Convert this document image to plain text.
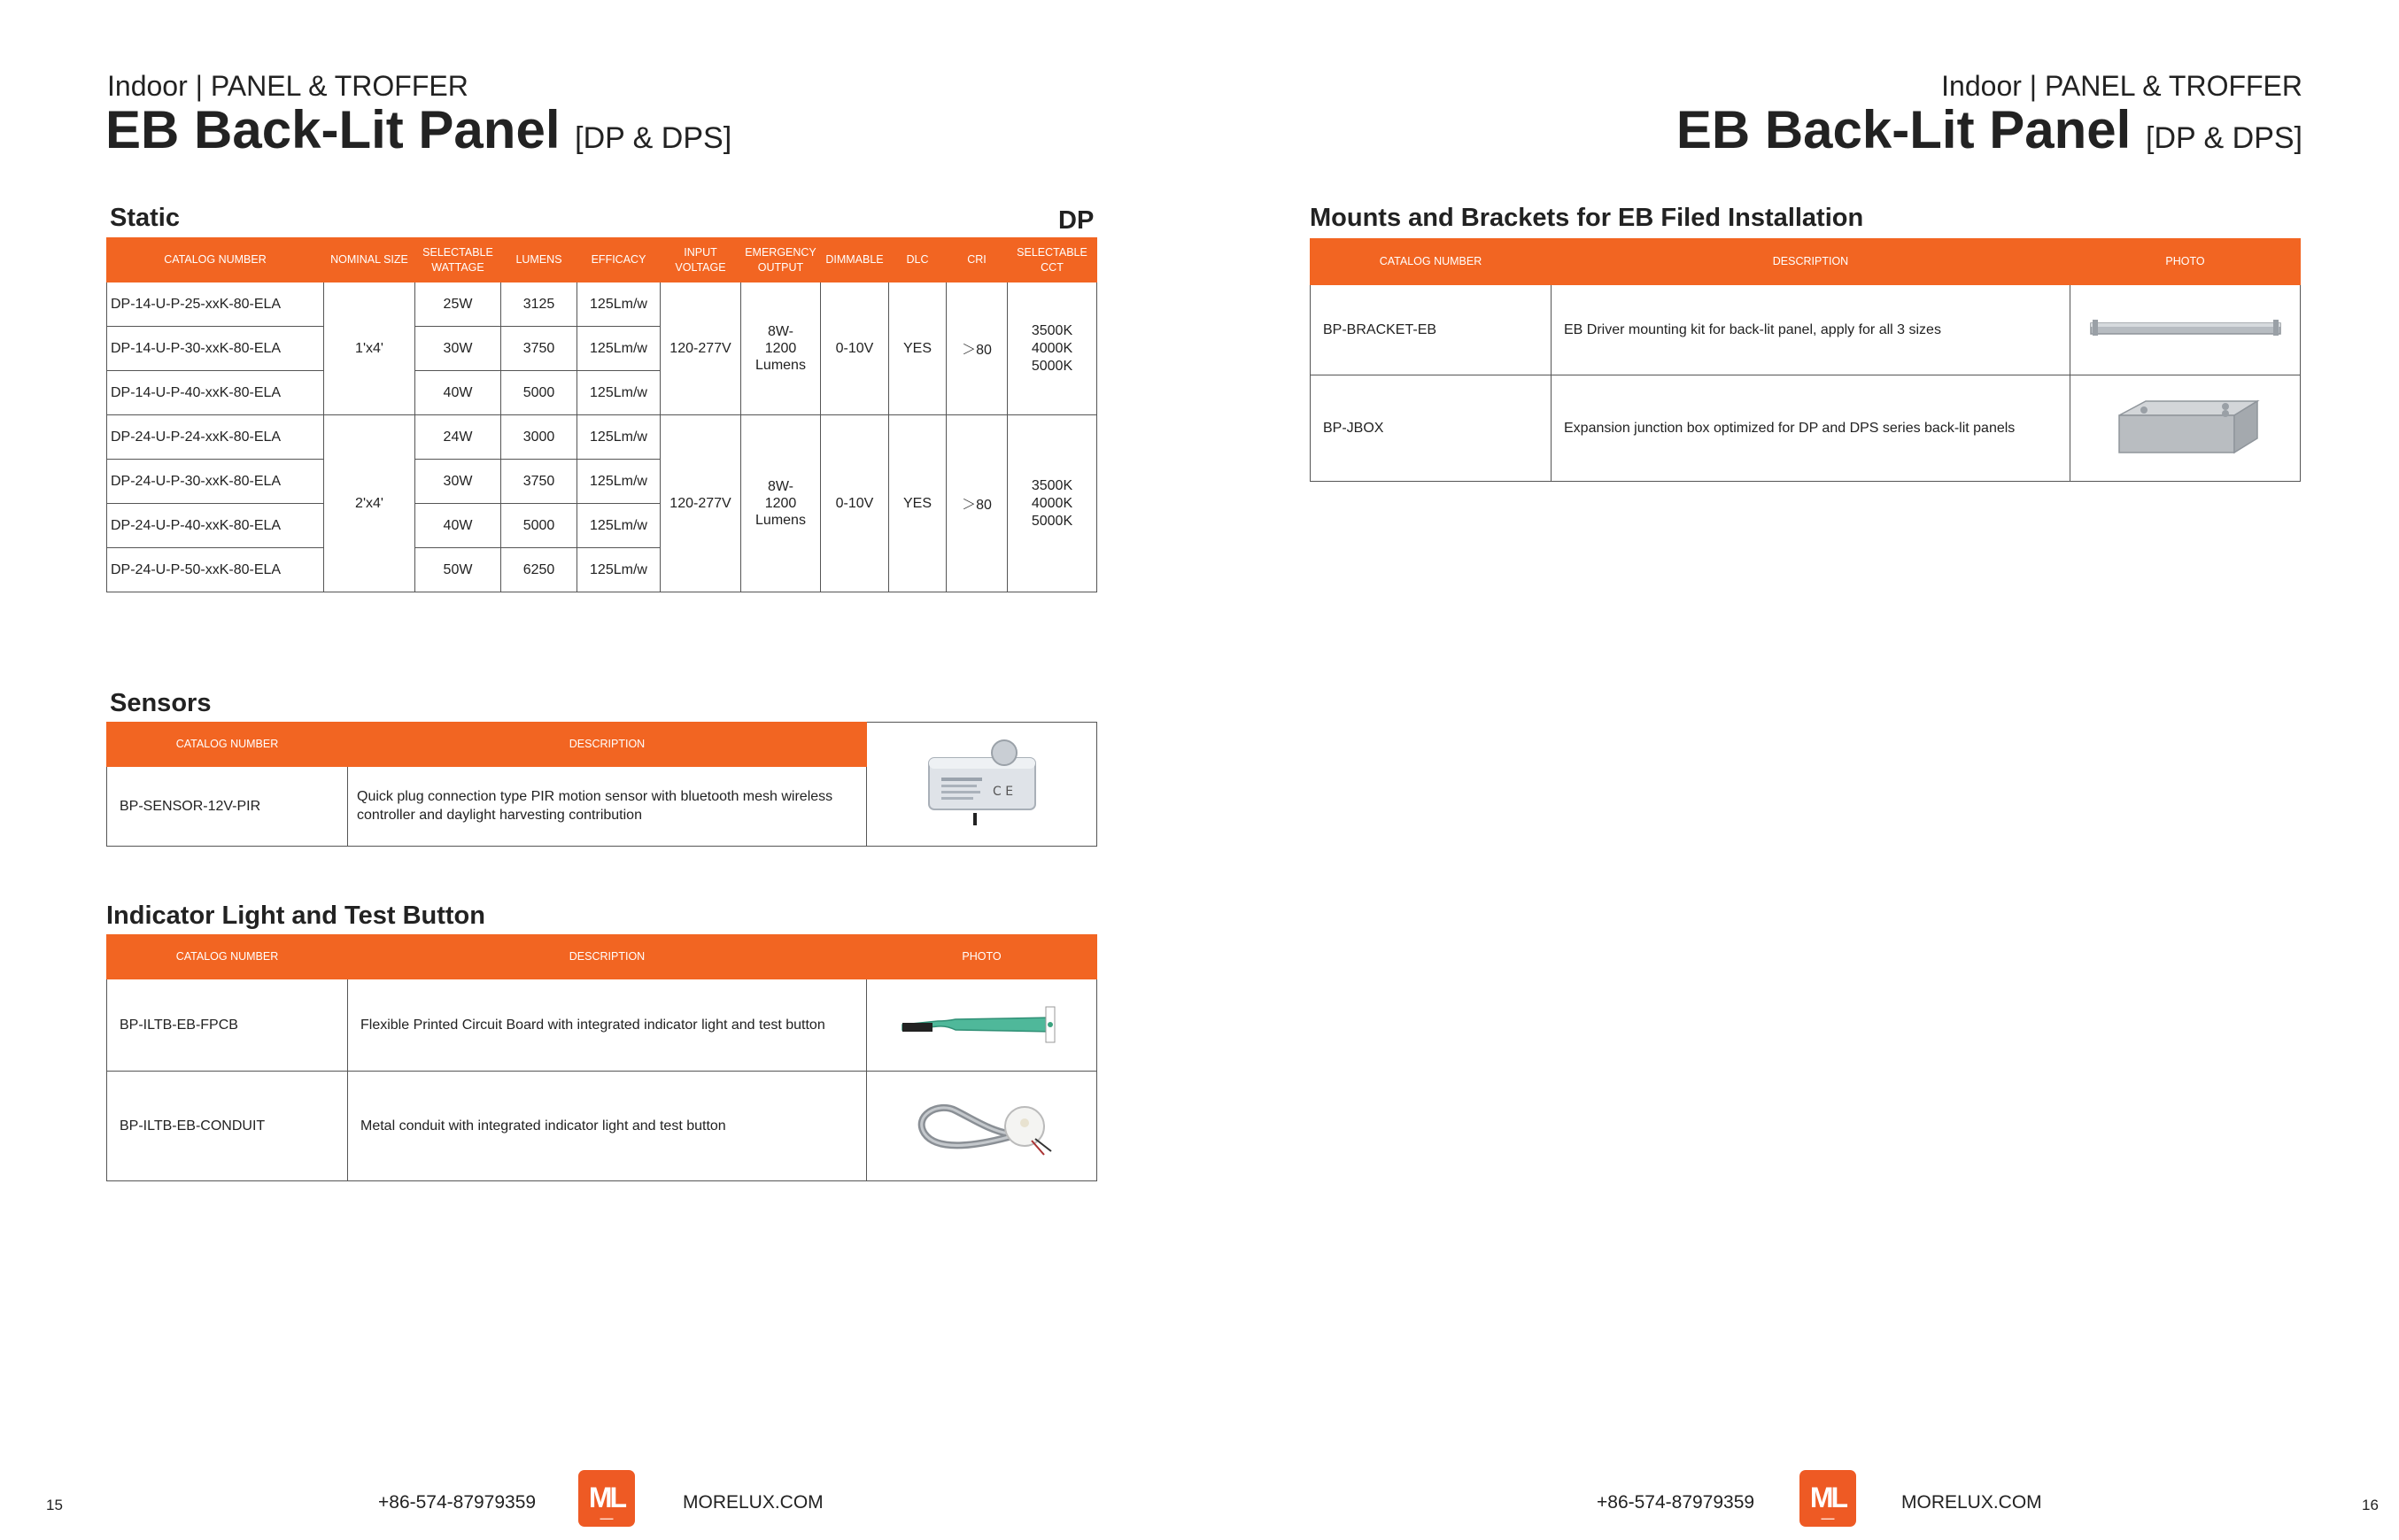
Indoor | PANEL & TROFFER
EB Back-Lit Panel [DP & DPS]
Static	DP
CATALOG NUMBER	NOMINAL SIZE	SELECTABLE WATTAGE	LUMENS	EFFICACY	INPUT VOLTAGE	EMERGENCY OUTPUT	DIMMABLE	DLC	CRI	SELECTABLE CCT
DP-14-U-P-25-xxK-80-ELA	1'x4'	25W	3125	125Lm/w	120-277V	8W-1200 Lumens	0-10V	YES	＞80	3500K 4000K 5000K
DP-14-U-P-30-xxK-80-ELA		30W	3750	125Lm/w						
DP-14-U-P-40-xxK-80-ELA		40W	5000	125Lm/w						
DP-24-U-P-24-xxK-80-ELA	2'x4'	24W	3000	125Lm/w	120-277V	8W-1200 Lumens	0-10V	YES	＞80	3500K 4000K 5000K
DP-24-U-P-30-xxK-80-ELA		30W	3750	125Lm/w						
DP-24-U-P-40-xxK-80-ELA		40W	5000	125Lm/w						
DP-24-U-P-50-xxK-80-ELA		50W	6250	125Lm/w						
Sensors
CATALOG NUMBER	DESCRIPTION	C E

BP-SENSOR-12V-PIR	Quick plug connection type PIR motion sensor with bluetooth mesh wireless controller and daylight harvesting contribution	
Indicator Light and Test Button
CATALOG NUMBER	DESCRIPTION	PHOTO
BP-ILTB-EB-FPCB	Flexible Printed Circuit Board with integrated indicator light and test button	

BP-ILTB-EB-CONDUIT	Metal conduit with integrated indicator light and test button	
15	+86-574-87979359	ML
▬▬▬
MORELUX.COM
Indoor | PANEL & TROFFER
EB Back-Lit Panel [DP & DPS]
Mounts and Brackets for EB Filed Installation
CATALOG NUMBER	DESCRIPTION	PHOTO
BP-BRACKET-EB	EB Driver mounting kit for back-lit panel, apply for all 3 sizes	

BP-JBOX	Expansion junction box optimized for DP and DPS series back-lit panels	
+86-574-87979359	ML
▬▬▬
MORELUX.COM	16
